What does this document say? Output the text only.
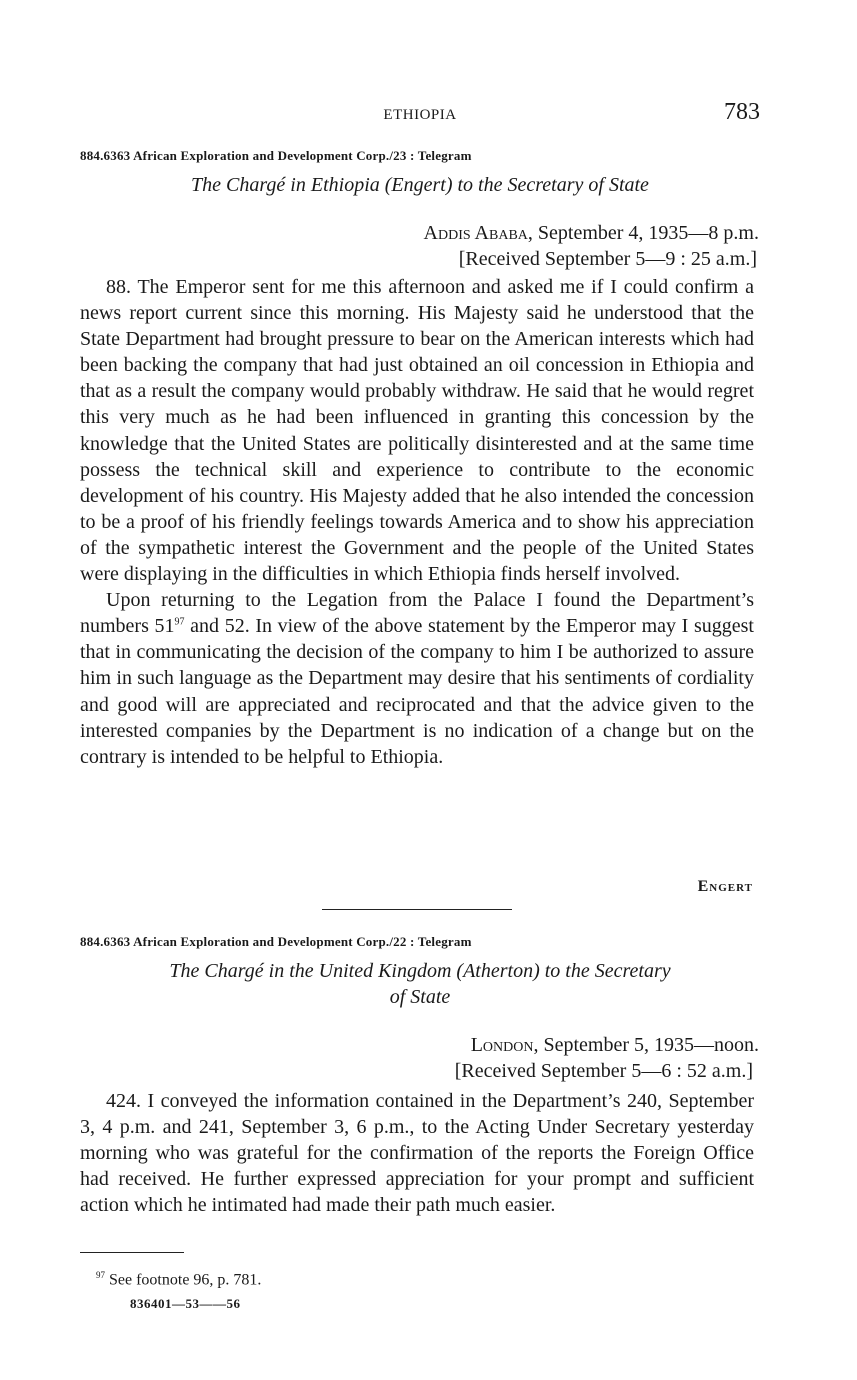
ETHIOPIA	783
884.6363 African Exploration and Development Corp./23 : Telegram
The Chargé in Ethiopia (Engert) to the Secretary of State
Addis Ababa, September 4, 1935—8 p.m.
[Received September 5—9 : 25 a.m.]

88. The Emperor sent for me this afternoon and asked me if I could confirm a news report current since this morning. His Majesty said he understood that the State Department had brought pressure to bear on the American interests which had been backing the company that had just obtained an oil concession in Ethiopia and that as a result the company would probably withdraw. He said that he would regret this very much as he had been influenced in granting this concession by the knowledge that the United States are politically disinterested and at the same time possess the technical skill and experience to contribute to the economic development of his country. His Majesty added that he also intended the concession to be a proof of his friendly feelings towards America and to show his appreciation of the sympathetic interest the Government and the people of the United States were displaying in the difficulties in which Ethiopia finds herself involved.

Upon returning to the Legation from the Palace I found the Department’s numbers 51$^{97}$ and 52. In view of the above statement by the Emperor may I suggest that in communicating the decision of the company to him I be authorized to assure him in such language as the Department may desire that his sentiments of cordiality and good will are appreciated and reciprocated and that the advice given to the interested companies by the Department is no indication of a change but on the contrary is intended to be helpful to Ethiopia.

Engert
884.6363 African Exploration and Development Corp./22 : Telegram
The Chargé in the United Kingdom (Atherton) to the Secretary
of State
London, September 5, 1935—noon.
[Received September 5—6 : 52 a.m.]

424. I conveyed the information contained in the Department’s 240, September 3, 4 p.m. and 241, September 3, 6 p.m., to the Acting Under Secretary yesterday morning who was grateful for the confirmation of the reports the Foreign Office had received. He further expressed appreciation for your prompt and sufficient action which he intimated had made their path much easier.

$^{97}$ See footnote 96, p. 781.
836401—53——56
